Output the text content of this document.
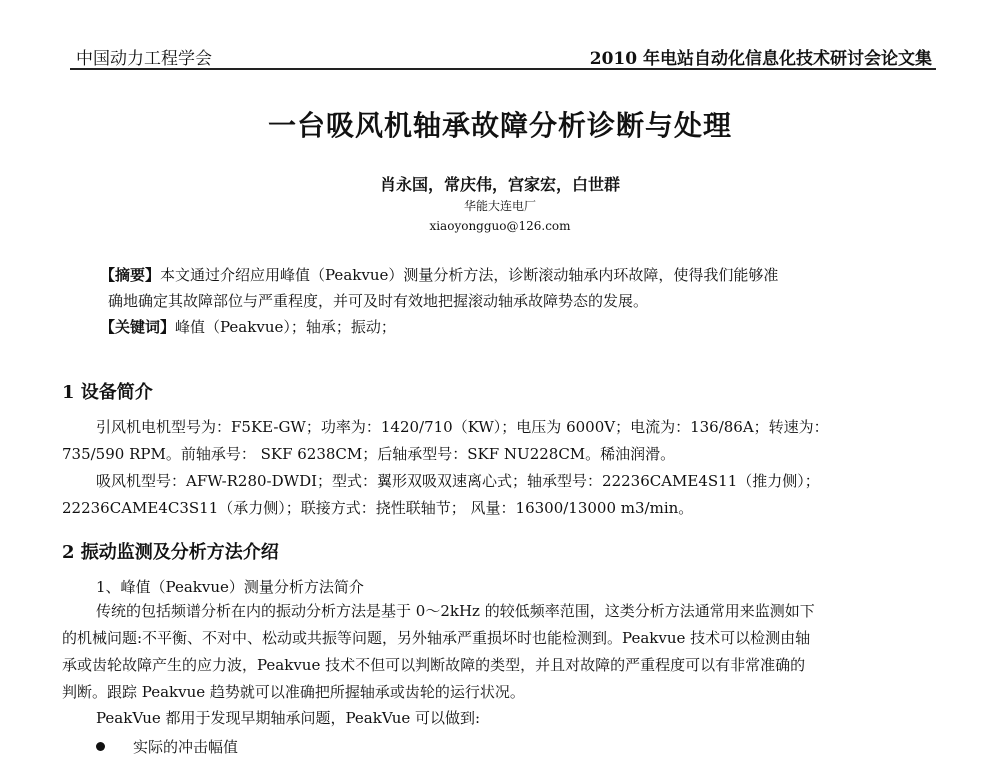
中国动力工程学会	2010 年电站自动化信息化技术研讨会论文集
一台吸风机轴承故障分析诊断与处理
肖永国，常庆伟，宫家宏，白世群
华能大连电厂
xiaoyongguo@126.com

【摘要】本文通过介绍应用峰值（Peakvue）测量分析方法，诊断滚动轴承内环故障，使得我们能够准

确地确定其故障部位与严重程度，并可及时有效地把握滚动轴承故障势态的发展。

【关键词】峰值（Peakvue）；轴承；振动；

1 设备简介

引风机电机型号为：F5KE-GW；功率为：1420/710（KW）；电压为 6000V；电流为：136/86A；转速为：

735/590 RPM。前轴承号： SKF 6238CM；后轴承型号：SKF NU228CM。稀油润滑。

吸风机型号：AFW-R280-DWDI；型式：翼形双吸双速离心式；轴承型号：22236CAME4S11（推力侧）；

22236CAME4C3S11（承力侧）；联接方式：挠性联轴节； 风量：16300/13000 m3/min。

2 振动监测及分析方法介绍
1、峰值（Peakvue）测量分析方法简介

传统的包括频谱分析在内的振动分析方法是基于 0～2kHz 的较低频率范围，这类分析方法通常用来监测如下

的机械问题:不平衡、不对中、松动或共振等问题，另外轴承严重损坏时也能检测到。Peakvue 技术可以检测由轴

承或齿轮故障产生的应力波，Peakvue 技术不但可以判断故障的类型，并且对故障的严重程度可以有非常准确的

判断。跟踪 Peakvue 趋势就可以准确把所握轴承或齿轮的运行状况。

PeakVue 都用于发现早期轴承问题，PeakVue 可以做到:
实际的冲击幅值
